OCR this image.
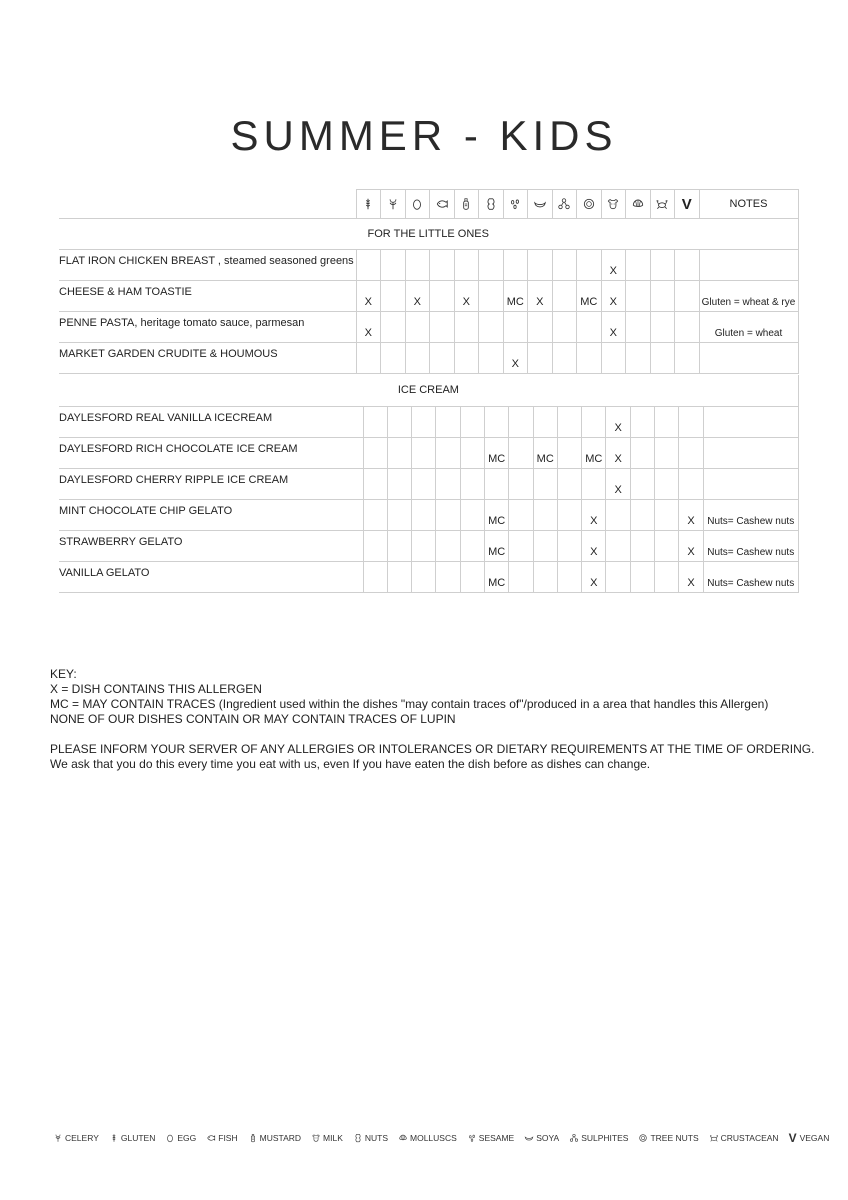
SUMMER - KIDS

	V	NOTES
FOR THE LITTLE ONES															
FLAT IRON CHICKEN BREAST , steamed seasoned greens											X				
CHEESE & HAM TOASTIE	X		X		X		MC	X		MC	X				Gluten = wheat & rye
PENNE PASTA, heritage tomato sauce, parmesan	X										X				Gluten = wheat
MARKET GARDEN CRUDITE & HOUMOUS							X								
ICE CREAM															
DAYLESFORD REAL VANILLA ICECREAM											X				
DAYLESFORD RICH CHOCOLATE ICE CREAM						MC		MC		MC	X				
DAYLESFORD CHERRY RIPPLE ICE CREAM											X				
MINT CHOCOLATE CHIP GELATO						MC				X				X	Nuts= Cashew nuts
STRAWBERRY GELATO						MC				X				X	Nuts= Cashew nuts
VANILLA GELATO						MC				X				X	Nuts= Cashew nuts

KEY:

X = DISH CONTAINS THIS ALLERGEN

MC = MAY CONTAIN TRACES (Ingredient used within the dishes "may contain traces of"/produced in a area that handles this Allergen)

NONE OF OUR DISHES CONTAIN OR MAY CONTAIN TRACES OF LUPIN

PLEASE INFORM YOUR SERVER OF ANY ALLERGIES OR INTOLERANCES OR DIETARY REQUIREMENTS AT THE TIME OF ORDERING.

We ask that you do this every time you eat with us, even If you have eaten the dish before as dishes can change.

CELERY	GLUTEN	EGG	FISH	MUSTARD	MILK	NUTS	MOLLUSCS	SESAME	SOYA	SULPHITES	TREE NUTS	CRUSTACEAN V VEGAN
